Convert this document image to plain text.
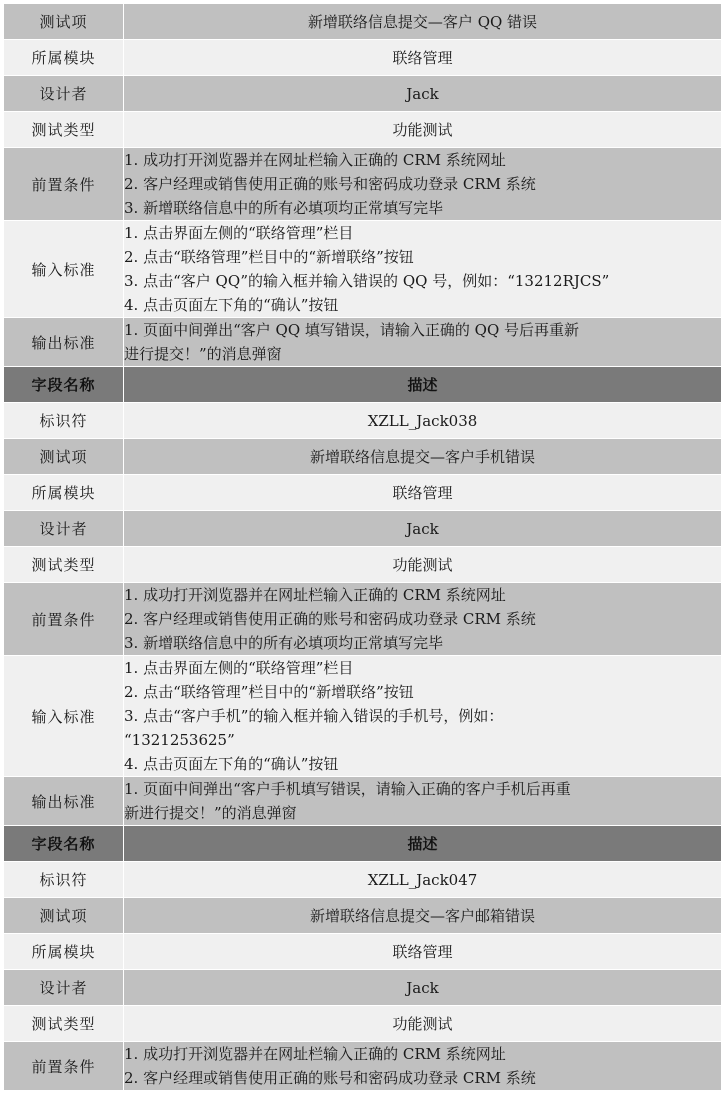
测试项	新增联络信息提交—客户 QQ 错误
所属模块	联络管理
设计者	Jack
测试类型	功能测试
前置条件	1. 成功打开浏览器并在网址栏输入正确的 CRM 系统网址
2. 客户经理或销售使用正确的账号和密码成功登录 CRM 系统
3. 新增联络信息中的所有必填项均正常填写完毕

输入标准	1. 点击界面左侧的“联络管理”栏目
2. 点击“联络管理”栏目中的“新增联络”按钮
3. 点击“客户 QQ”的输入框并输入错误的 QQ 号，例如：“13212RJCS”
4. 点击页面左下角的“确认”按钮

输出标准	1. 页面中间弹出“客户 QQ 填写错误，请输入正确的 QQ 号后再重新
进行提交！”的消息弹窗

字段名称	描述
标识符	XZLL_Jack038
测试项	新增联络信息提交—客户手机错误
所属模块	联络管理
设计者	Jack
测试类型	功能测试
前置条件	1. 成功打开浏览器并在网址栏输入正确的 CRM 系统网址
2. 客户经理或销售使用正确的账号和密码成功登录 CRM 系统
3. 新增联络信息中的所有必填项均正常填写完毕

输入标准	1. 点击界面左侧的“联络管理”栏目
2. 点击“联络管理”栏目中的“新增联络”按钮
3. 点击“客户手机”的输入框并输入错误的手机号，例如：
“1321253625”
4. 点击页面左下角的“确认”按钮

输出标准	1. 页面中间弹出“客户手机填写错误，请输入正确的客户手机后再重
新进行提交！”的消息弹窗

字段名称	描述
标识符	XZLL_Jack047
测试项	新增联络信息提交—客户邮箱错误
所属模块	联络管理
设计者	Jack
测试类型	功能测试
前置条件	1. 成功打开浏览器并在网址栏输入正确的 CRM 系统网址
2. 客户经理或销售使用正确的账号和密码成功登录 CRM 系统
